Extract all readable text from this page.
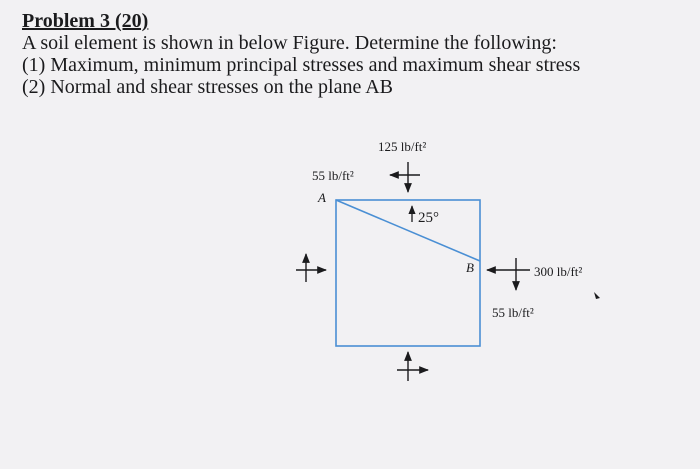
Problem 3 (20)
A soil element is shown in below Figure. Determine the following:
(1) Maximum, minimum principal stresses and maximum shear stress
(2) Normal and shear stresses on the plane AB
125 lb/ft²
55 lb/ft²
A
25°
B	300 lb/ft²
55 lb/ft²
